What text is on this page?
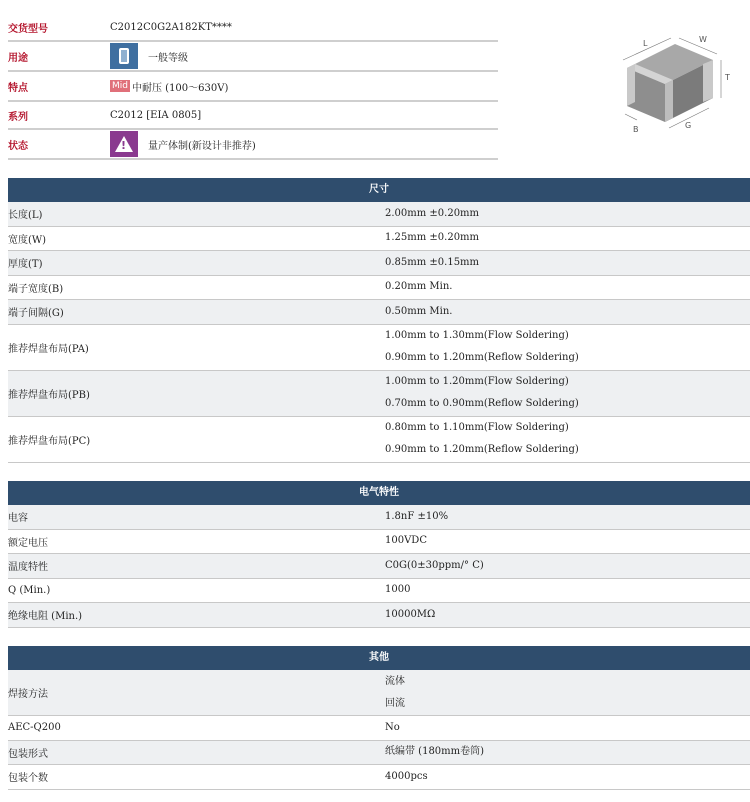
交货型号	C2012C0G2A182KT****
用途	一般等级
特点	Mid 中耐压 (100～630V)
系列	C2012 [EIA 0805]
状态
!	量产体制(新设计非推荐)
L	W
T
B	G
尺寸
长度(L)	2.00mm ±0.20mm
宽度(W)	1.25mm ±0.20mm
厚度(T)	0.85mm ±0.15mm
端子宽度(B)	0.20mm Min.
端子间隔(G)	0.50mm Min.
推荐焊盘布局(PA)
1.00mm to 1.30mm(Flow Soldering)
0.90mm to 1.20mm(Reflow Soldering)
推荐焊盘布局(PB)
1.00mm to 1.20mm(Flow Soldering)
0.70mm to 0.90mm(Reflow Soldering)
推荐焊盘布局(PC)
0.80mm to 1.10mm(Flow Soldering)
0.90mm to 1.20mm(Reflow Soldering)
电气特性
电容	1.8nF ±10%
额定电压	100VDC
温度特性	C0G(0±30ppm/° C)
Q (Min.)	1000
绝缘电阻 (Min.)	10000MΩ
其他
焊接方法
流体
回流
AEC-Q200	No
包装形式	纸编带 (180mm卷筒)
包装个数	4000pcs
